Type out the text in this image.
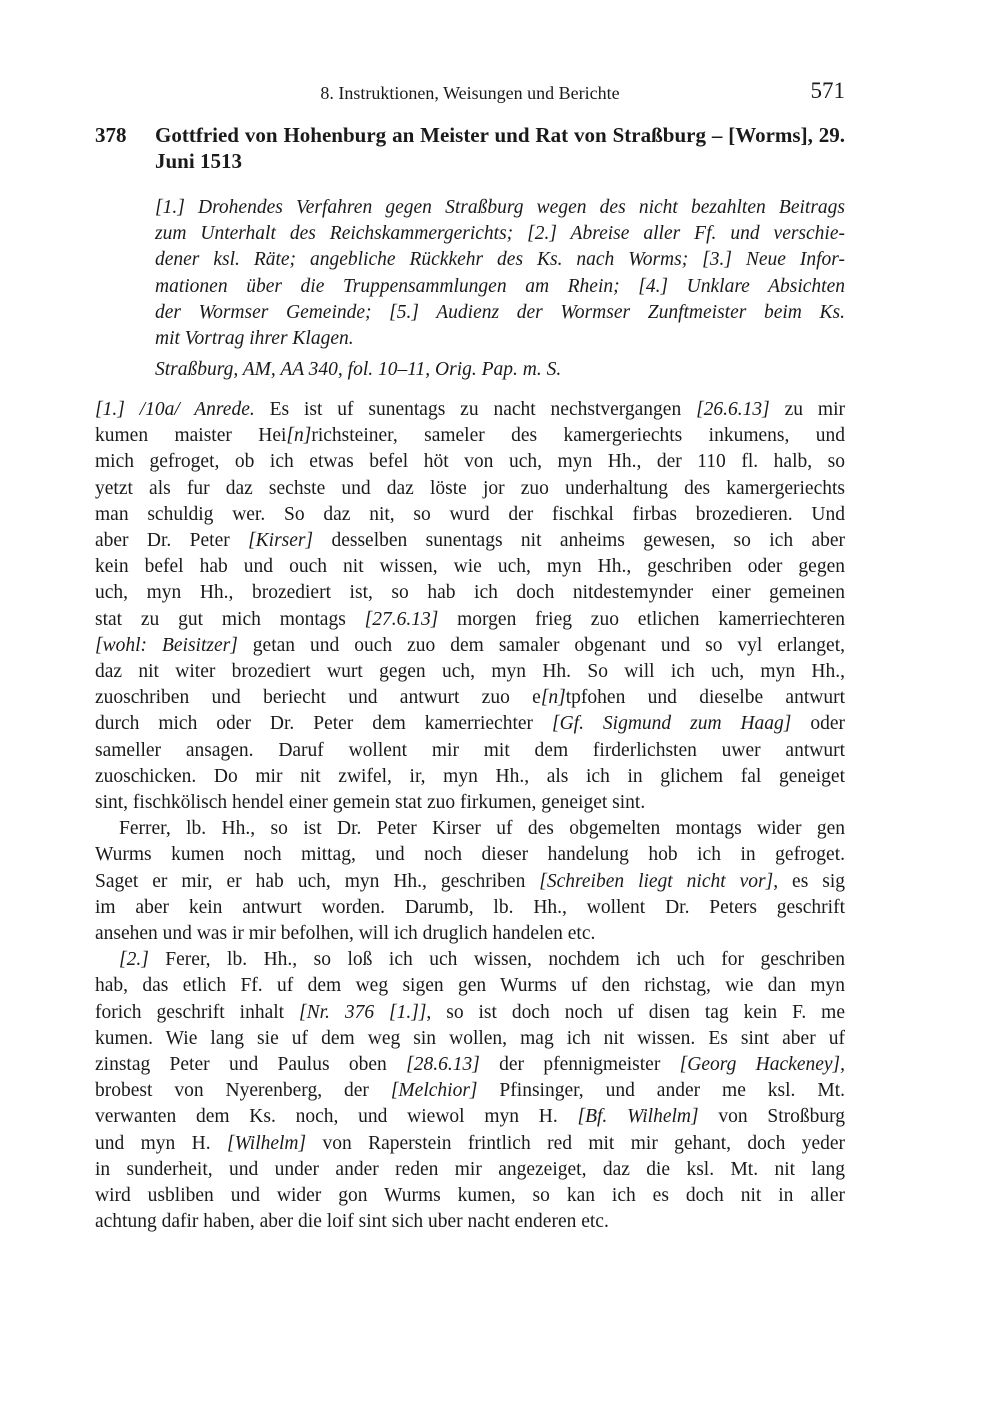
8. Instruktionen, Weisungen und Berichte	571
378 Gottfried von Hohenburg an Meister und Rat von Straßburg – [Worms], 29. Juni 1513
[1.] Drohendes Verfahren gegen Straßburg wegen des nicht bezahlten Beitrags
zum Unterhalt des Reichskammergerichts; [2.] Abreise aller Ff. und verschie-
dener ksl. Räte; angebliche Rückkehr des Ks. nach Worms; [3.] Neue Infor-
mationen über die Truppensammlungen am Rhein; [4.] Unklare Absichten
der Wormser Gemeinde; [5.] Audienz der Wormser Zunftmeister beim Ks.
mit Vortrag ihrer Klagen.
Straßburg, AM, AA 340, fol. 10–11, Orig. Pap. m. S.
[1.] /10a/ Anrede. Es ist uf sunentags zu nacht nechstvergangen [26.6.13] zu mir
kumen maister Hei[n]richsteiner, sameler des kamergeriechts inkumens, und
mich gefroget, ob ich etwas befel höt von uch, myn Hh., der 110 fl. halb, so
yetzt als fur daz sechste und daz löste jor zuo underhaltung des kamergeriechts
man schuldig wer. So daz nit, so wurd der fischkal firbas brozedieren. Und
aber Dr. Peter [Kirser] desselben sunentags nit anheims gewesen, so ich aber
kein befel hab und ouch nit wissen, wie uch, myn Hh., geschriben oder gegen
uch, myn Hh., brozediert ist, so hab ich doch nitdestemynder einer gemeinen
stat zu gut mich montags [27.6.13] morgen frieg zuo etlichen kamerriechteren
[wohl: Beisitzer] getan und ouch zuo dem samaler obgenant und so vyl erlanget,
daz nit witer brozediert wurt gegen uch, myn Hh. So will ich uch, myn Hh.,
zuoschriben und beriecht und antwurt zuo e[n]tpfohen und dieselbe antwurt
durch mich oder Dr. Peter dem kamerriechter [Gf. Sigmund zum Haag] oder
sameller ansagen. Daruf wollent mir mit dem firderlichsten uwer antwurt
zuoschicken. Do mir nit zwifel, ir, myn Hh., als ich in glichem fal geneiget
sint, fischkölisch hendel einer gemein stat zuo firkumen, geneiget sint.
Ferrer, lb. Hh., so ist Dr. Peter Kirser uf des obgemelten montags wider gen
Wurms kumen noch mittag, und noch dieser handelung hob ich in gefroget.
Saget er mir, er hab uch, myn Hh., geschriben [Schreiben liegt nicht vor], es sig
im aber kein antwurt worden. Darumb, lb. Hh., wollent Dr. Peters geschrift
ansehen und was ir mir befolhen, will ich druglich handelen etc.
[2.] Ferer, lb. Hh., so loß ich uch wissen, nochdem ich uch for geschriben
hab, das etlich Ff. uf dem weg sigen gen Wurms uf den richstag, wie dan myn
forich geschrift inhalt [Nr. 376 [1.]], so ist doch noch uf disen tag kein F. me
kumen. Wie lang sie uf dem weg sin wollen, mag ich nit wissen. Es sint aber uf
zinstag Peter und Paulus oben [28.6.13] der pfennigmeister [Georg Hackeney],
brobest von Nyerenberg, der [Melchior] Pfinsinger, und ander me ksl. Mt.
verwanten dem Ks. noch, und wiewol myn H. [Bf. Wilhelm] von Stroßburg
und myn H. [Wilhelm] von Raperstein frintlich red mit mir gehant, doch yeder
in sunderheit, und under ander reden mir angezeiget, daz die ksl. Mt. nit lang
wird usbliben und wider gon Wurms kumen, so kan ich es doch nit in aller
achtung dafir haben, aber die loif sint sich uber nacht enderen etc.
